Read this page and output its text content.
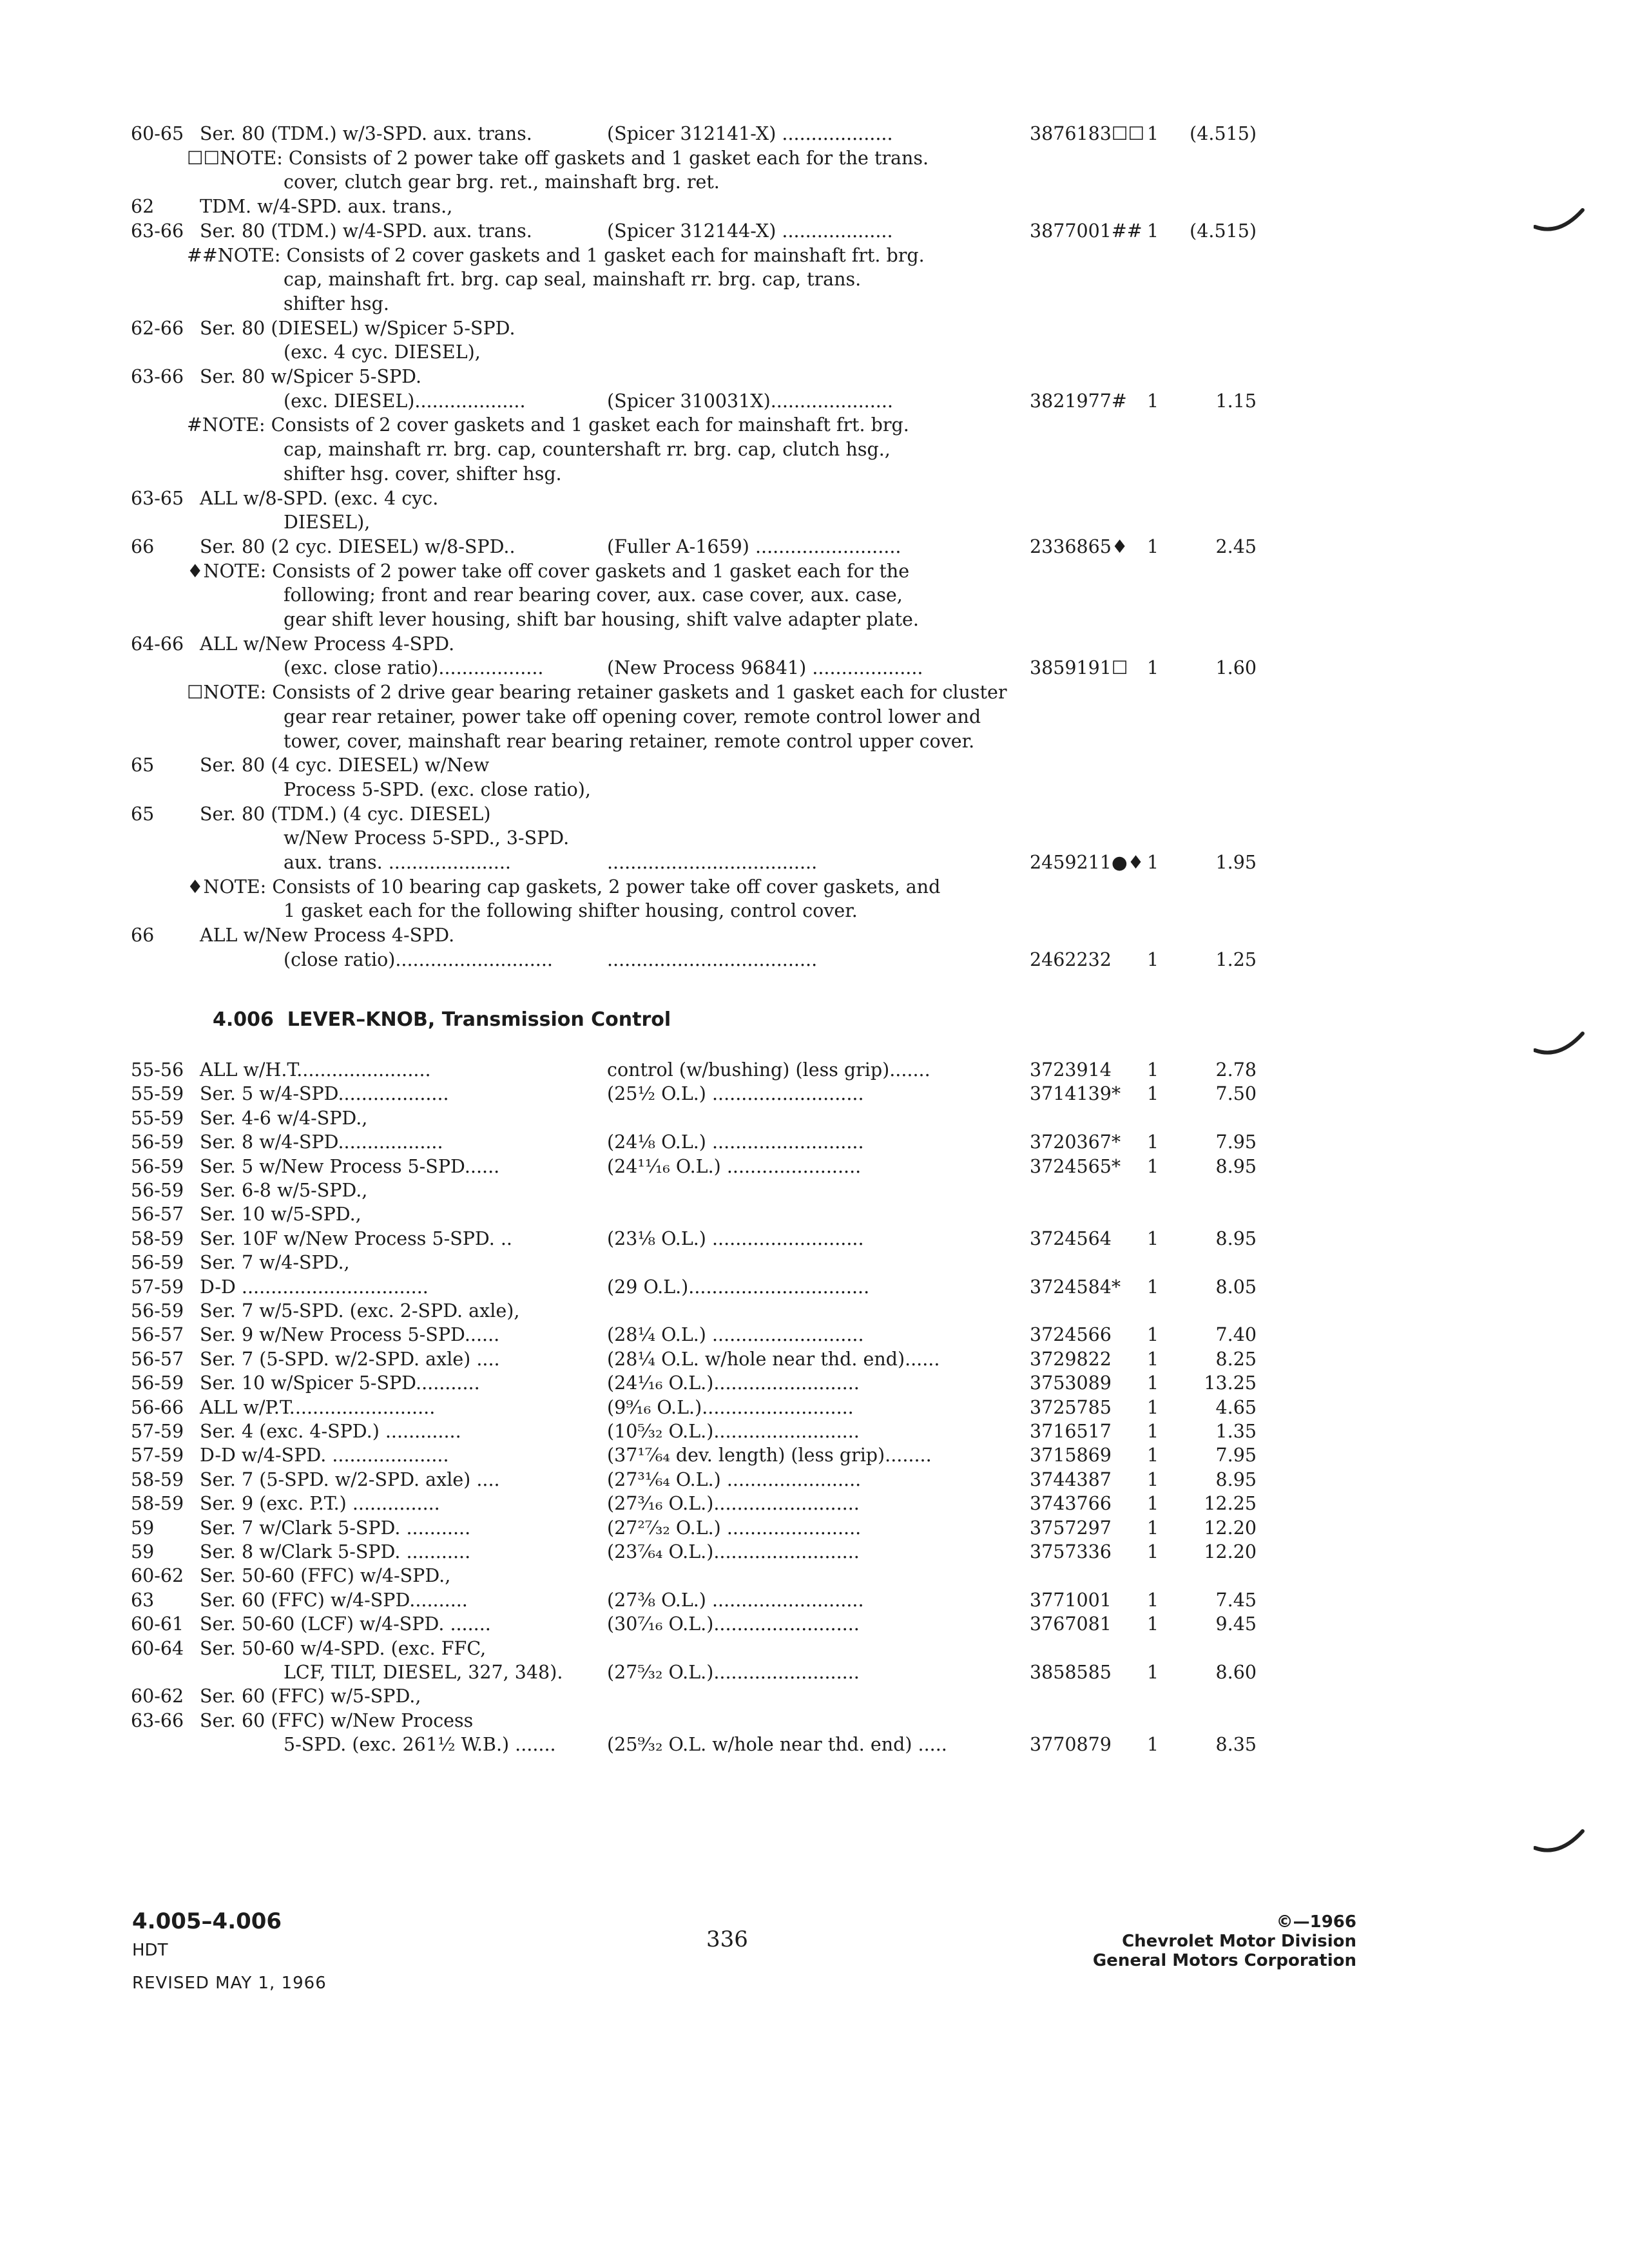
60-65 Ser. 80 (TDM.) w/3-SPD. aux. trans.	(Spicer 312141-X) ...................	3876183☐☐ 1 (4.515)
☐☐NOTE: Consists of 2 power take off gaskets and 1 gasket each for the trans.
cover, clutch gear brg. ret., mainshaft brg. ret.
62 TDM. w/4-SPD. aux. trans.,
63-66 Ser. 80 (TDM.) w/4-SPD. aux. trans.	(Spicer 312144-X) ...................	3877001## 1 (4.515)
##NOTE: Consists of 2 cover gaskets and 1 gasket each for mainshaft frt. brg.
cap, mainshaft frt. brg. cap seal, mainshaft rr. brg. cap, trans.
shifter hsg.
62-66 Ser. 80 (DIESEL) w/Spicer 5-SPD.
(exc. 4 cyc. DIESEL),
63-66 Ser. 80 w/Spicer 5-SPD.
(exc. DIESEL)...................	(Spicer 310031X).....................	3821977# 1	1.15
#NOTE: Consists of 2 cover gaskets and 1 gasket each for mainshaft frt. brg.
cap, mainshaft rr. brg. cap, countershaft rr. brg. cap, clutch hsg.,
shifter hsg. cover, shifter hsg.
63-65 ALL w/8-SPD. (exc. 4 cyc.
DIESEL),
66 Ser. 80 (2 cyc. DIESEL) w/8-SPD..	(Fuller A-1659) .........................	2336865♦ 1	2.45
♦NOTE: Consists of 2 power take off cover gaskets and 1 gasket each for the
following; front and rear bearing cover, aux. case cover, aux. case,
gear shift lever housing, shift bar housing, shift valve adapter plate.
64-66 ALL w/New Process 4-SPD.
(exc. close ratio)..................	(New Process 96841) ...................	3859191☐ 1	1.60
☐NOTE: Consists of 2 drive gear bearing retainer gaskets and 1 gasket each for cluster
gear rear retainer, power take off opening cover, remote control lower and
tower, cover, mainshaft rear bearing retainer, remote control upper cover.
65 Ser. 80 (4 cyc. DIESEL) w/New
Process 5-SPD. (exc. close ratio),
65 Ser. 80 (TDM.) (4 cyc. DIESEL)
w/New Process 5-SPD., 3-SPD.
aux. trans. .....................	....................................	2459211●♦ 1	1.95
♦NOTE: Consists of 10 bearing cap gaskets, 2 power take off cover gaskets, and
1 gasket each for the following shifter housing, control cover.
66 ALL w/New Process 4-SPD.
(close ratio)...........................	....................................	2462232 1	1.25
4.006  LEVER–KNOB, Transmission Control
55-56 ALL w/H.T.......................	control (w/bushing) (less grip).......	3723914 1	2.78
55-59 Ser. 5 w/4-SPD...................	(25½ O.L.) ..........................	3714139* 1	7.50
55-59 Ser. 4-6 w/4-SPD.,
56-59 Ser. 8 w/4-SPD..................	(24⅛ O.L.) ..........................	3720367* 1	7.95
56-59 Ser. 5 w/New Process 5-SPD......	(24¹¹⁄₁₆ O.L.) .......................	3724565* 1	8.95
56-59 Ser. 6-8 w/5-SPD.,
56-57 Ser. 10 w/5-SPD.,
58-59 Ser. 10F w/New Process 5-SPD. ..	(23⅛ O.L.) ..........................	3724564 1	8.95
56-59 Ser. 7 w/4-SPD.,
57-59 D-D ................................	(29 O.L.)...............................	3724584* 1	8.05
56-59 Ser. 7 w/5-SPD. (exc. 2-SPD. axle),
56-57 Ser. 9 w/New Process 5-SPD......	(28¼ O.L.) ..........................	3724566 1	7.40
56-57 Ser. 7 (5-SPD. w/2-SPD. axle) ....	(28¼ O.L. w/hole near thd. end)......	3729822 1	8.25
56-59 Ser. 10 w/Spicer 5-SPD...........	(24¹⁄₁₆ O.L.).........................	3753089 1 13.25
56-66 ALL w/P.T.........................	(9⁹⁄₁₆ O.L.)..........................	3725785 1	4.65
57-59 Ser. 4 (exc. 4-SPD.) .............	(10⁵⁄₃₂ O.L.).........................	3716517 1	1.35
57-59 D-D w/4-SPD. ....................	(37¹⁷⁄₆₄ dev. length) (less grip)........	3715869 1	7.95
58-59 Ser. 7 (5-SPD. w/2-SPD. axle) ....	(27³¹⁄₆₄ O.L.) .......................	3744387 1	8.95
58-59 Ser. 9 (exc. P.T.) ...............	(27³⁄₁₆ O.L.).........................	3743766 1 12.25
59 Ser. 7 w/Clark 5-SPD. ...........	(27²⁷⁄₃₂ O.L.) .......................	3757297 1 12.20
59 Ser. 8 w/Clark 5-SPD. ...........	(23⁷⁄₆₄ O.L.).........................	3757336 1 12.20
60-62 Ser. 50-60 (FFC) w/4-SPD.,
63 Ser. 60 (FFC) w/4-SPD..........	(27⅜ O.L.) ..........................	3771001 1	7.45
60-61 Ser. 50-60 (LCF) w/4-SPD. .......	(30⁷⁄₁₆ O.L.).........................	3767081 1	9.45
60-64 Ser. 50-60 w/4-SPD. (exc. FFC,
LCF, TILT, DIESEL, 327, 348). (27⁵⁄₃₂ O.L.).........................	3858585 1	8.60
60-62 Ser. 60 (FFC) w/5-SPD.,
63-66 Ser. 60 (FFC) w/New Process
5-SPD. (exc. 261½ W.B.) .......	(25⁹⁄₃₂ O.L. w/hole near thd. end) .....	3770879 1	8.35
4.005–4.006
HDT
REVISED MAY 1, 1966
336
©—1966
Chevrolet Motor Division
General Motors Corporation
